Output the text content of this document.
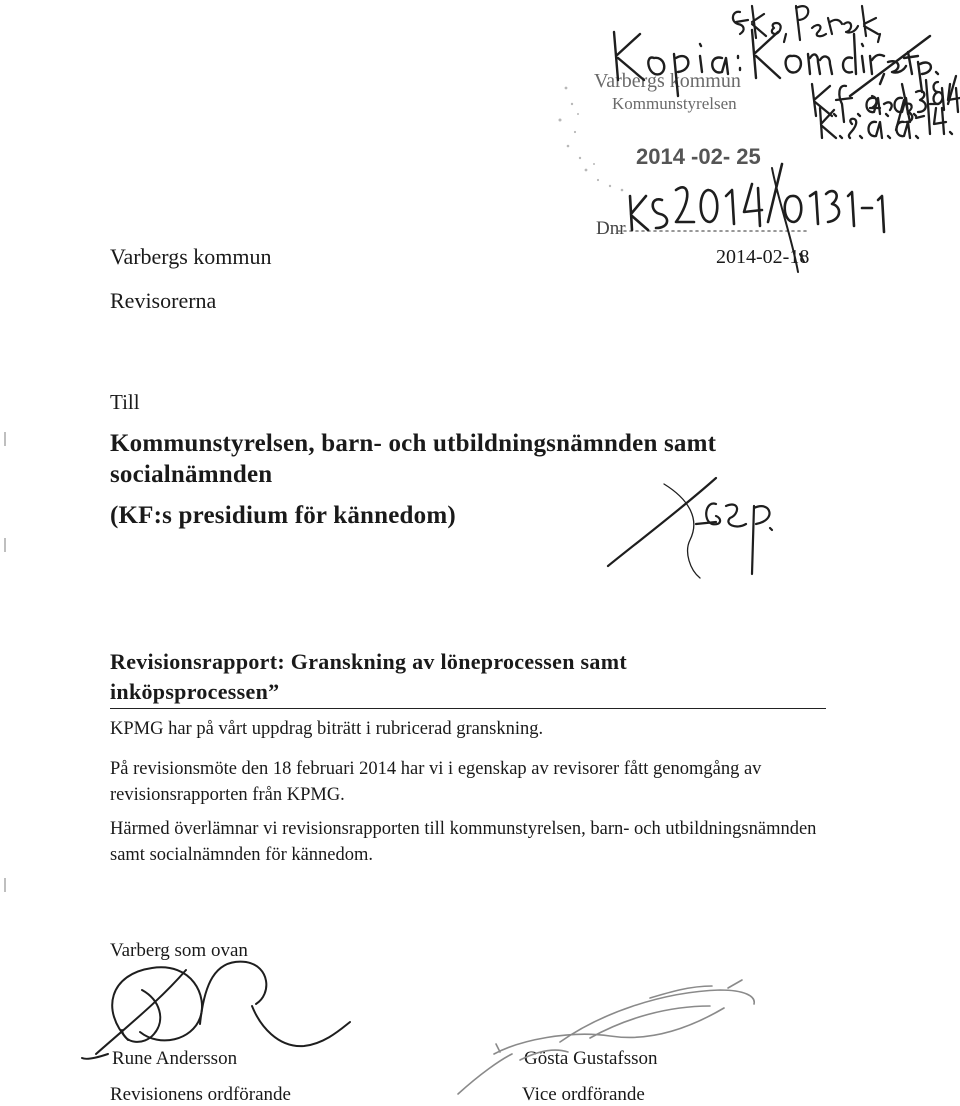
Varbergs kommun
Kommunstyrelsen
2014 -02- 25
Dnr
Varbergs kommun
Revisorerna
2014-02-18
Till
Kommunstyrelsen, barn- och utbildningsnämnden samt
socialnämnden
(KF:s presidium för kännedom)
Revisionsrapport: Granskning av löneprocessen samt
inköpsprocessen”
KPMG har på vårt uppdrag biträtt i rubricerad granskning.
På revisionsmöte den 18 februari 2014 har vi i egenskap av revisorer fått genomgång av revisionsrapporten från KPMG.
Härmed överlämnar vi revisionsrapporten till kommunstyrelsen, barn- och utbildningsnämnden samt socialnämnden för kännedom.
Varberg som ovan
Rune Andersson
Revisionens ordförande
Gösta Gustafsson
Vice ordförande
